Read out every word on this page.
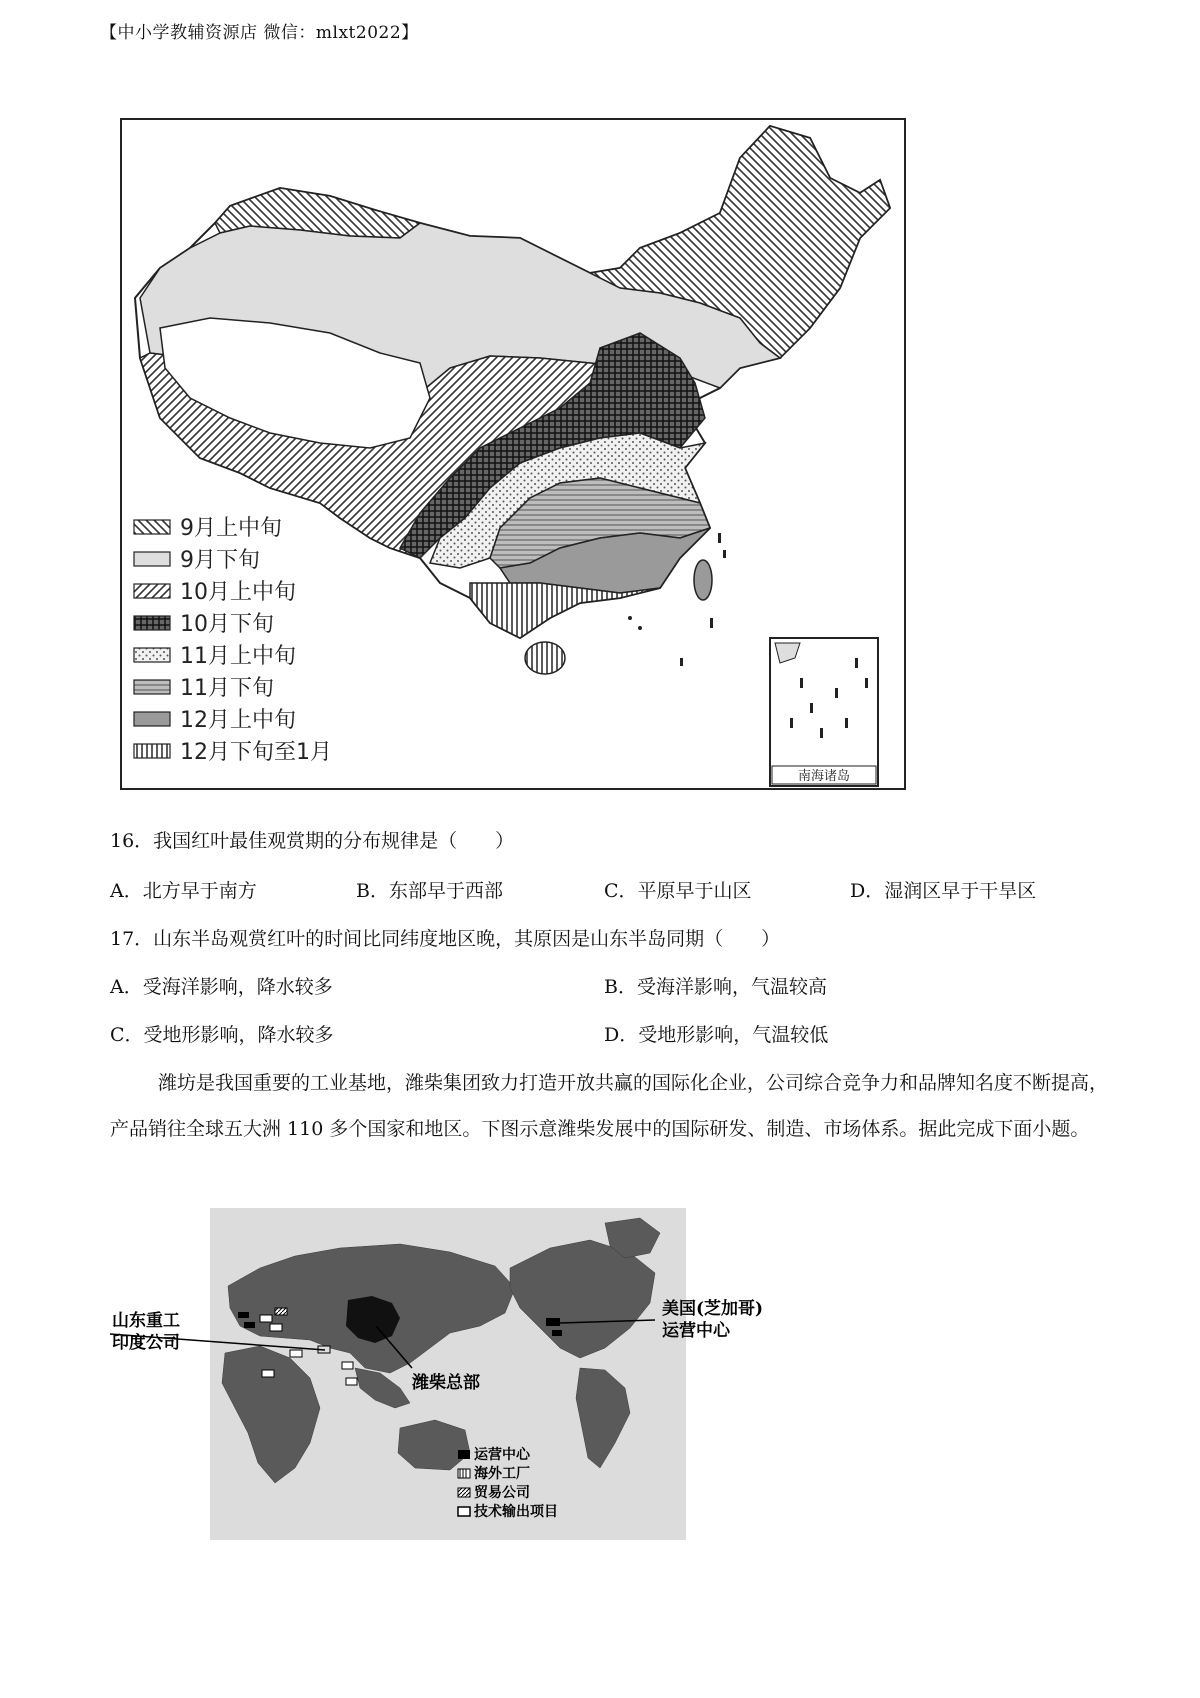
【中小学教辅资源店 微信：mlxt2022】
南海诸岛
9月上中旬
9月下旬
10月上中旬
10月下旬
11月上中旬
11月下旬
12月上中旬
12月下旬至1月
16．我国红叶最佳观赏期的分布规律是（　　）
A．北方早于南方	B．东部早于西部	C．平原早于山区	D．湿润区早于干旱区
17．山东半岛观赏红叶的时间比同纬度地区晚，其原因是山东半岛同期（　　）
A．受海洋影响，降水较多	B．受海洋影响，气温较高
C．受地形影响，降水较多	D．受地形影响，气温较低
潍坊是我国重要的工业基地，潍柴集团致力打造开放共赢的国际化企业，公司综合竞争力和品牌知名度不断提高，产品销往全球五大洲 110 多个国家和地区。下图示意潍柴发展中的国际研发、制造、市场体系。据此完成下面小题。
山东重工
印度公司
潍柴总部
美国(芝加哥)
运营中心
运营中心
海外工厂
贸易公司
技术输出项目
